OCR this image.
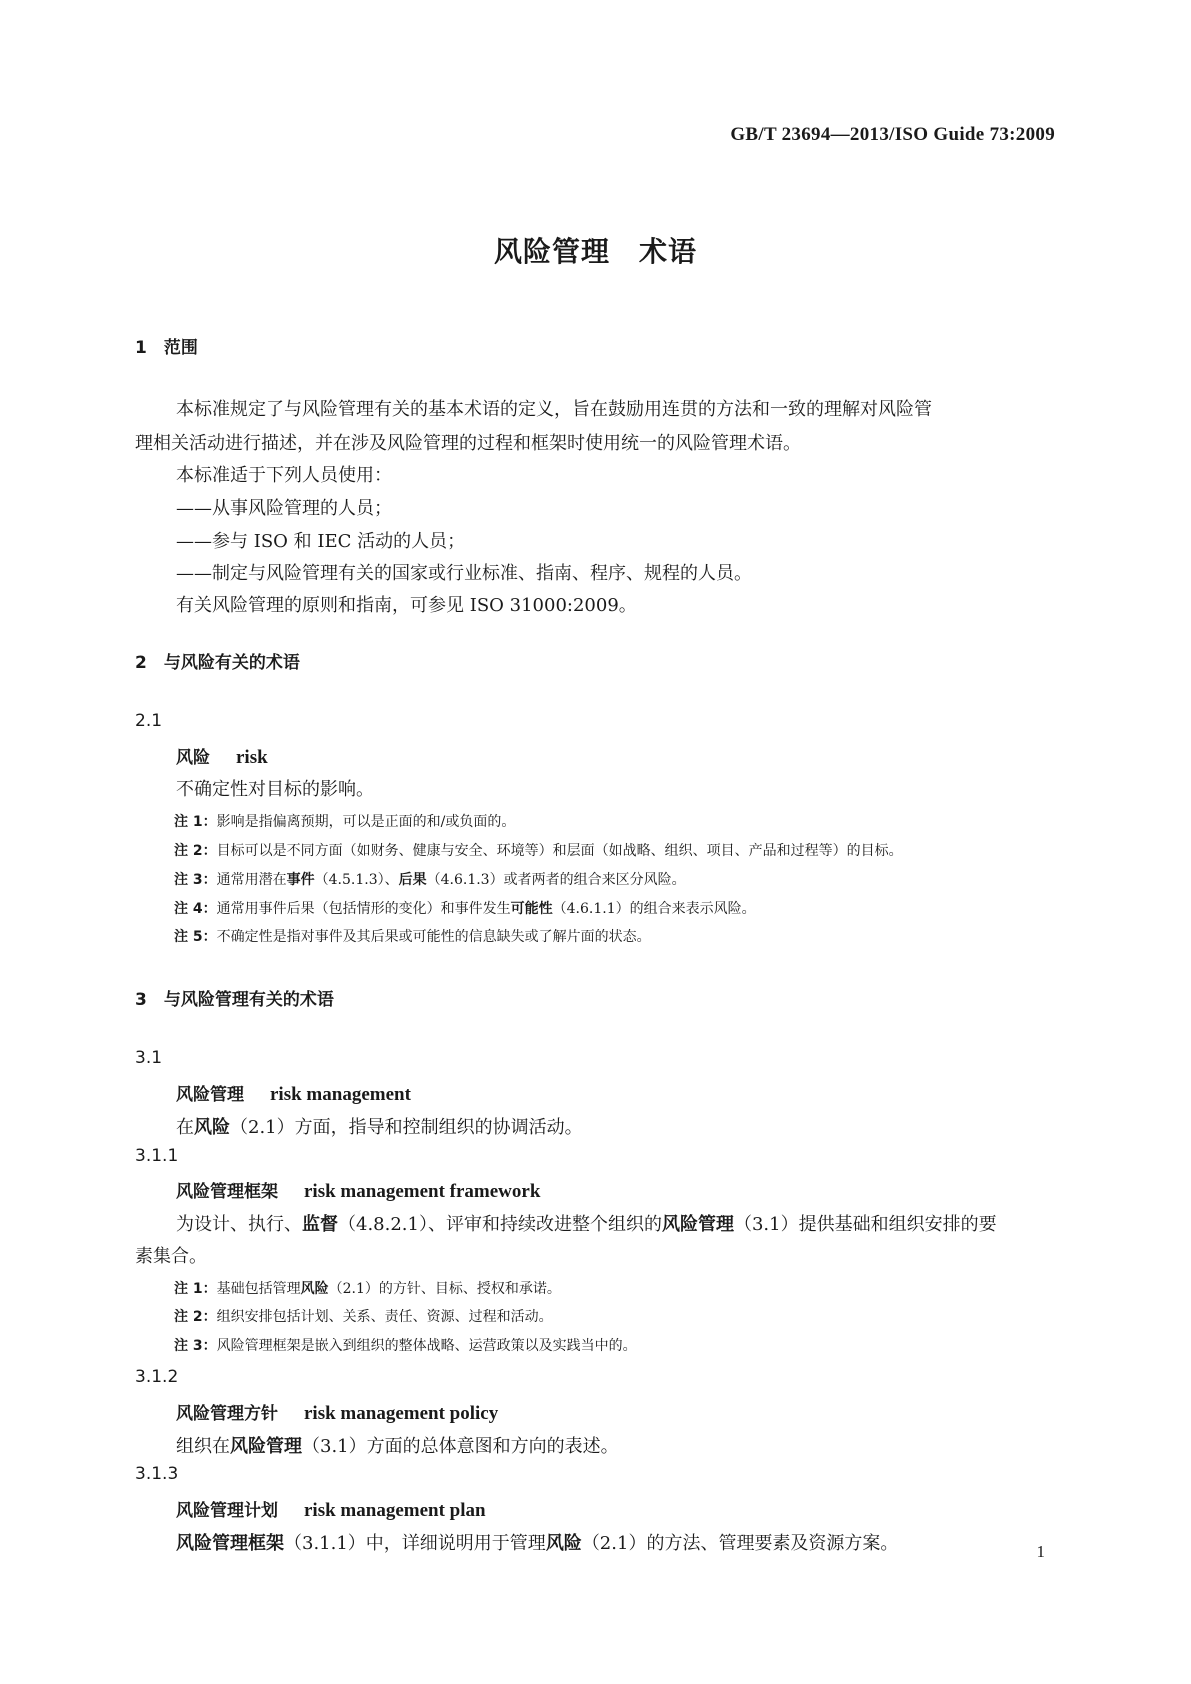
GB/T 23694—2013/ISO Guide 73:2009
风险管理　术语
1　范围
本标准规定了与风险管理有关的基本术语的定义，旨在鼓励用连贯的方法和一致的理解对风险管
理相关活动进行描述，并在涉及风险管理的过程和框架时使用统一的风险管理术语。
本标准适于下列人员使用：
——从事风险管理的人员；
——参与 ISO 和 IEC 活动的人员；
——制定与风险管理有关的国家或行业标准、指南、程序、规程的人员。
有关风险管理的原则和指南，可参见 ISO 31000:2009。
2　与风险有关的术语
2.1
风险 risk
不确定性对目标的影响。
注 1：影响是指偏离预期，可以是正面的和/或负面的。
注 2：目标可以是不同方面（如财务、健康与安全、环境等）和层面（如战略、组织、项目、产品和过程等）的目标。
注 3：通常用潜在事件（4.5.1.3）、后果（4.6.1.3）或者两者的组合来区分风险。
注 4：通常用事件后果（包括情形的变化）和事件发生可能性（4.6.1.1）的组合来表示风险。
注 5：不确定性是指对事件及其后果或可能性的信息缺失或了解片面的状态。
3　与风险管理有关的术语
3.1
风险管理 risk management
在风险（2.1）方面，指导和控制组织的协调活动。
3.1.1
风险管理框架 risk management framework
为设计、执行、监督（4.8.2.1）、评审和持续改进整个组织的风险管理（3.1）提供基础和组织安排的要
素集合。
注 1：基础包括管理风险（2.1）的方针、目标、授权和承诺。
注 2：组织安排包括计划、关系、责任、资源、过程和活动。
注 3：风险管理框架是嵌入到组织的整体战略、运营政策以及实践当中的。
3.1.2
风险管理方针 risk management policy
组织在风险管理（3.1）方面的总体意图和方向的表述。
3.1.3
风险管理计划 risk management plan
风险管理框架（3.1.1）中，详细说明用于管理风险（2.1）的方法、管理要素及资源方案。	1
